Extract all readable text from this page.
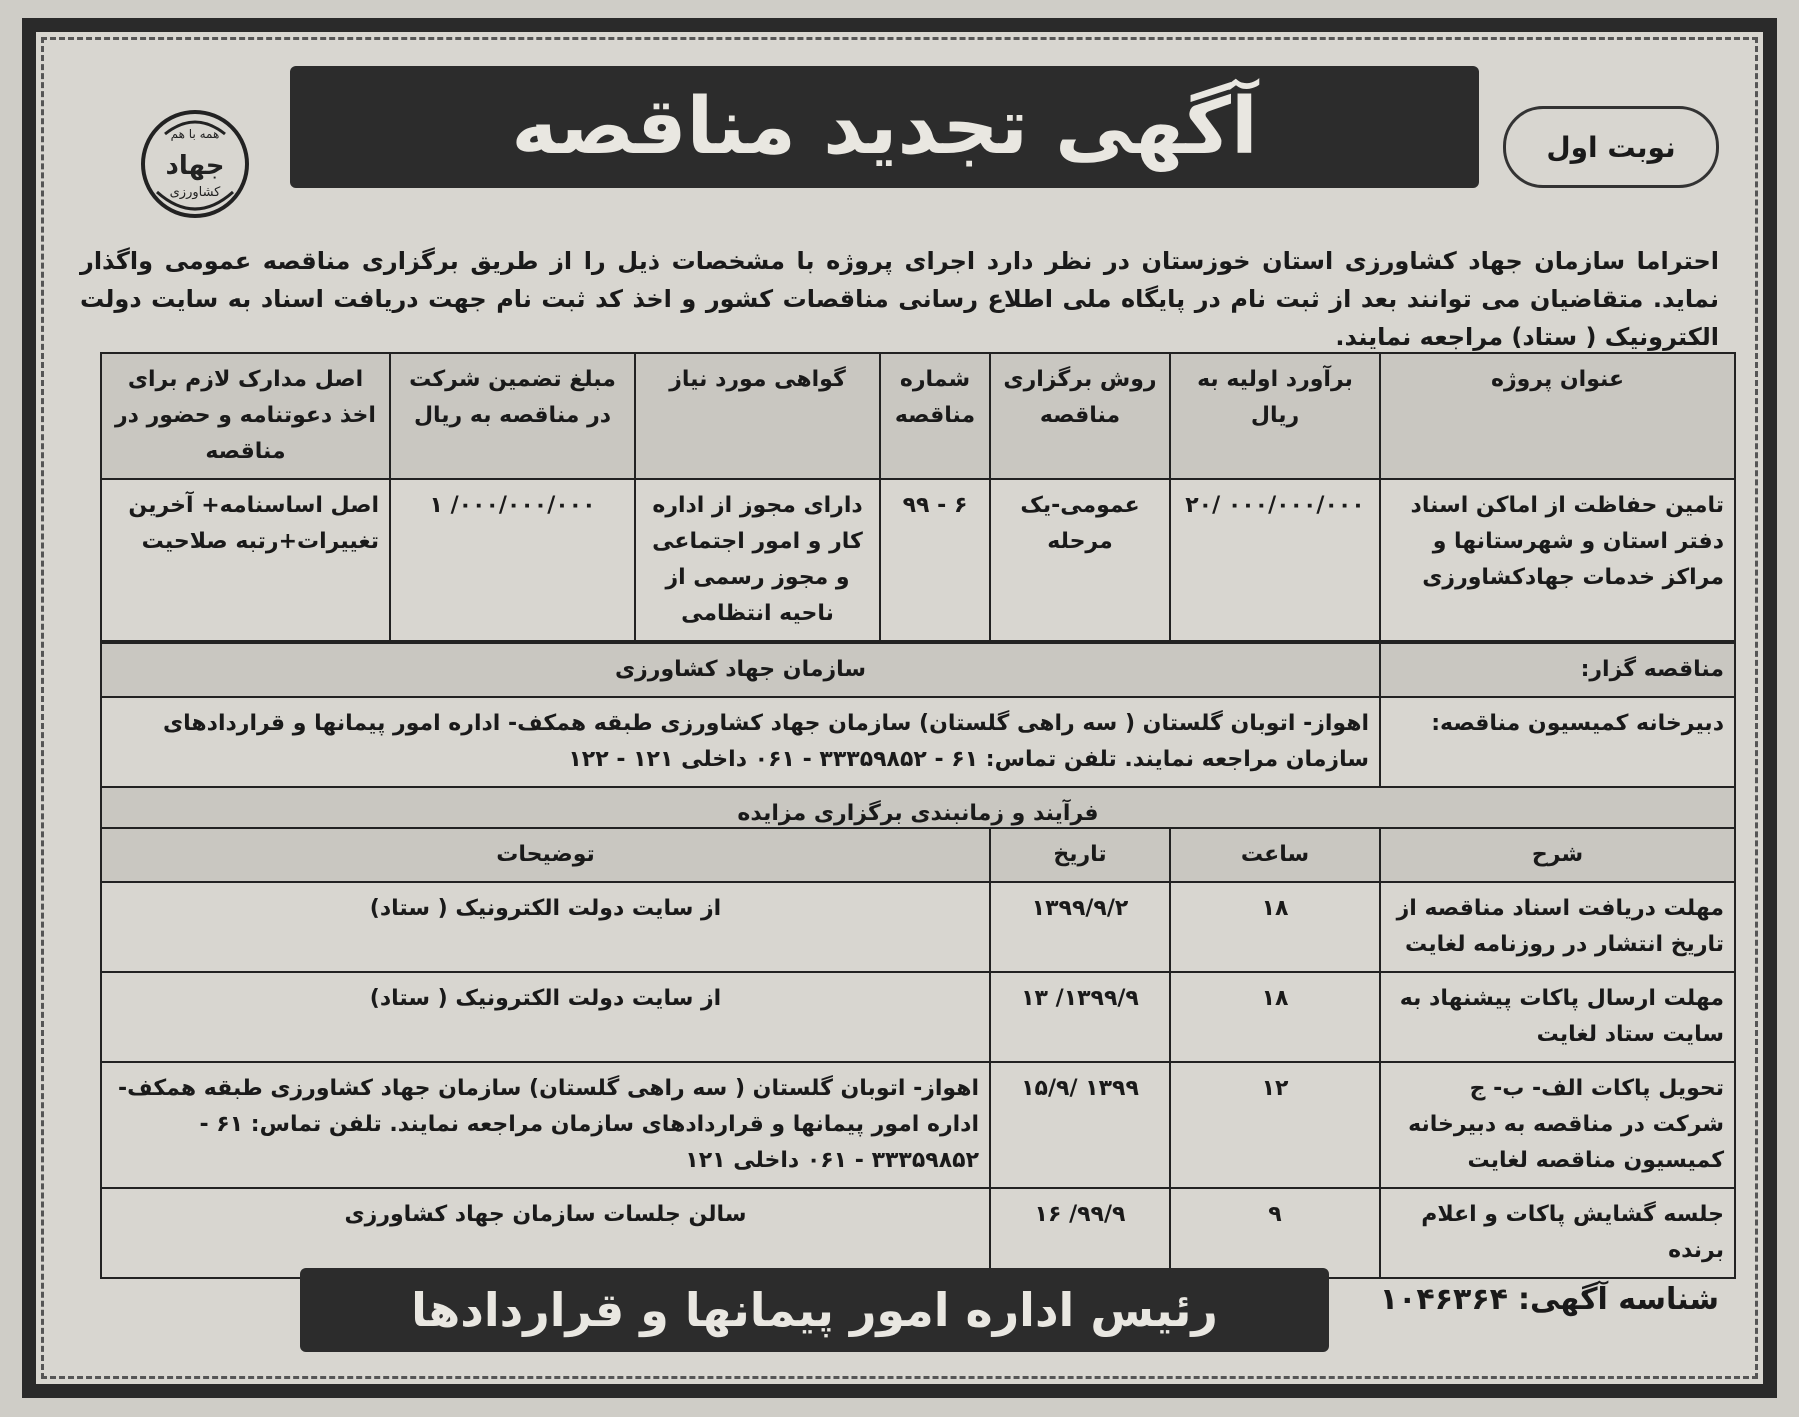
نوبت اول
آگهی تجدید مناقصه
همه با هم
جهاد
کشاورزی
احتراما سازمان جهاد کشاورزی استان خوزستان در نظر دارد اجرای پروژه با مشخصات ذیل را از طریق برگزاری مناقصه عمومی واگذار نماید. متقاضیان می توانند بعد از ثبت نام در پایگاه ملی اطلاع رسانی مناقصات کشور و اخذ کد ثبت نام جهت دریافت اسناد به سایت دولت الکترونیک ( ستاد) مراجعه نمایند.
عنوان پروژه	برآورد اولیه به ریال	روش برگزاری مناقصه	شماره مناقصه	گواهی مورد نیاز	مبلغ تضمین شرکت در مناقصه به ریال	اصل مدارک لازم برای اخذ دعوتنامه و حضور در مناقصه
تامین حفاظت از اماکن اسناد دفتر استان و شهرستانها و مراکز خدمات جهادکشاورزی	۰۰۰/۰۰۰/۰۰۰ /۲۰	عمومی-یک مرحله	۶ - ۹۹	دارای مجوز از اداره کار و امور اجتماعی و مجوز رسمی از ناحیه انتظامی	۰۰۰/۰۰۰/۰۰۰/ ۱	اصل اساسنامه+ آخرین تغییرات+رتبه صلاحیت
مناقصه گزار:	سازمان جهاد کشاورزی
دبیرخانه کمیسیون مناقصه:	اهواز- اتوبان گلستان ( سه راهی گلستان) سازمان جهاد کشاورزی طبقه همکف- اداره امور پیمانها و قراردادهای سازمان مراجعه نمایند. تلفن تماس: ۶۱ - ۳۳۳۵۹۸۵۲ - ۰۶۱ داخلی ۱۲۱ - ۱۲۲
فرآیند و زمانبندی برگزاری مزایده	
شرح	ساعت	تاریخ	توضیحات
مهلت دریافت اسناد مناقصه از تاریخ انتشار در روزنامه لغایت	۱۸	۱۳۹۹/۹/۲	از سایت دولت الکترونیک ( ستاد)
مهلت ارسال پاکات پیشنهاد به سایت ستاد لغایت	۱۸	۱۳۹۹/۹/ ۱۳	از سایت دولت الکترونیک ( ستاد)
تحویل پاکات الف- ب- ج شرکت در مناقصه به دبیرخانه کمیسیون مناقصه لغایت	۱۲	۱۳۹۹ /۱۵/۹	اهواز- اتوبان گلستان ( سه راهی گلستان) سازمان جهاد کشاورزی طبقه همکف- اداره امور پیمانها و قراردادهای سازمان مراجعه نمایند. تلفن تماس: ۶۱ - ۳۳۳۵۹۸۵۲ - ۰۶۱ داخلی ۱۲۱
جلسه گشایش پاکات و اعلام برنده	۹	۹۹/۹/ ۱۶	سالن جلسات سازمان جهاد کشاورزی
شناسه آگهی:
۱۰۴۶۳۶۴
رئیس اداره امور پیمانها و قراردادها
